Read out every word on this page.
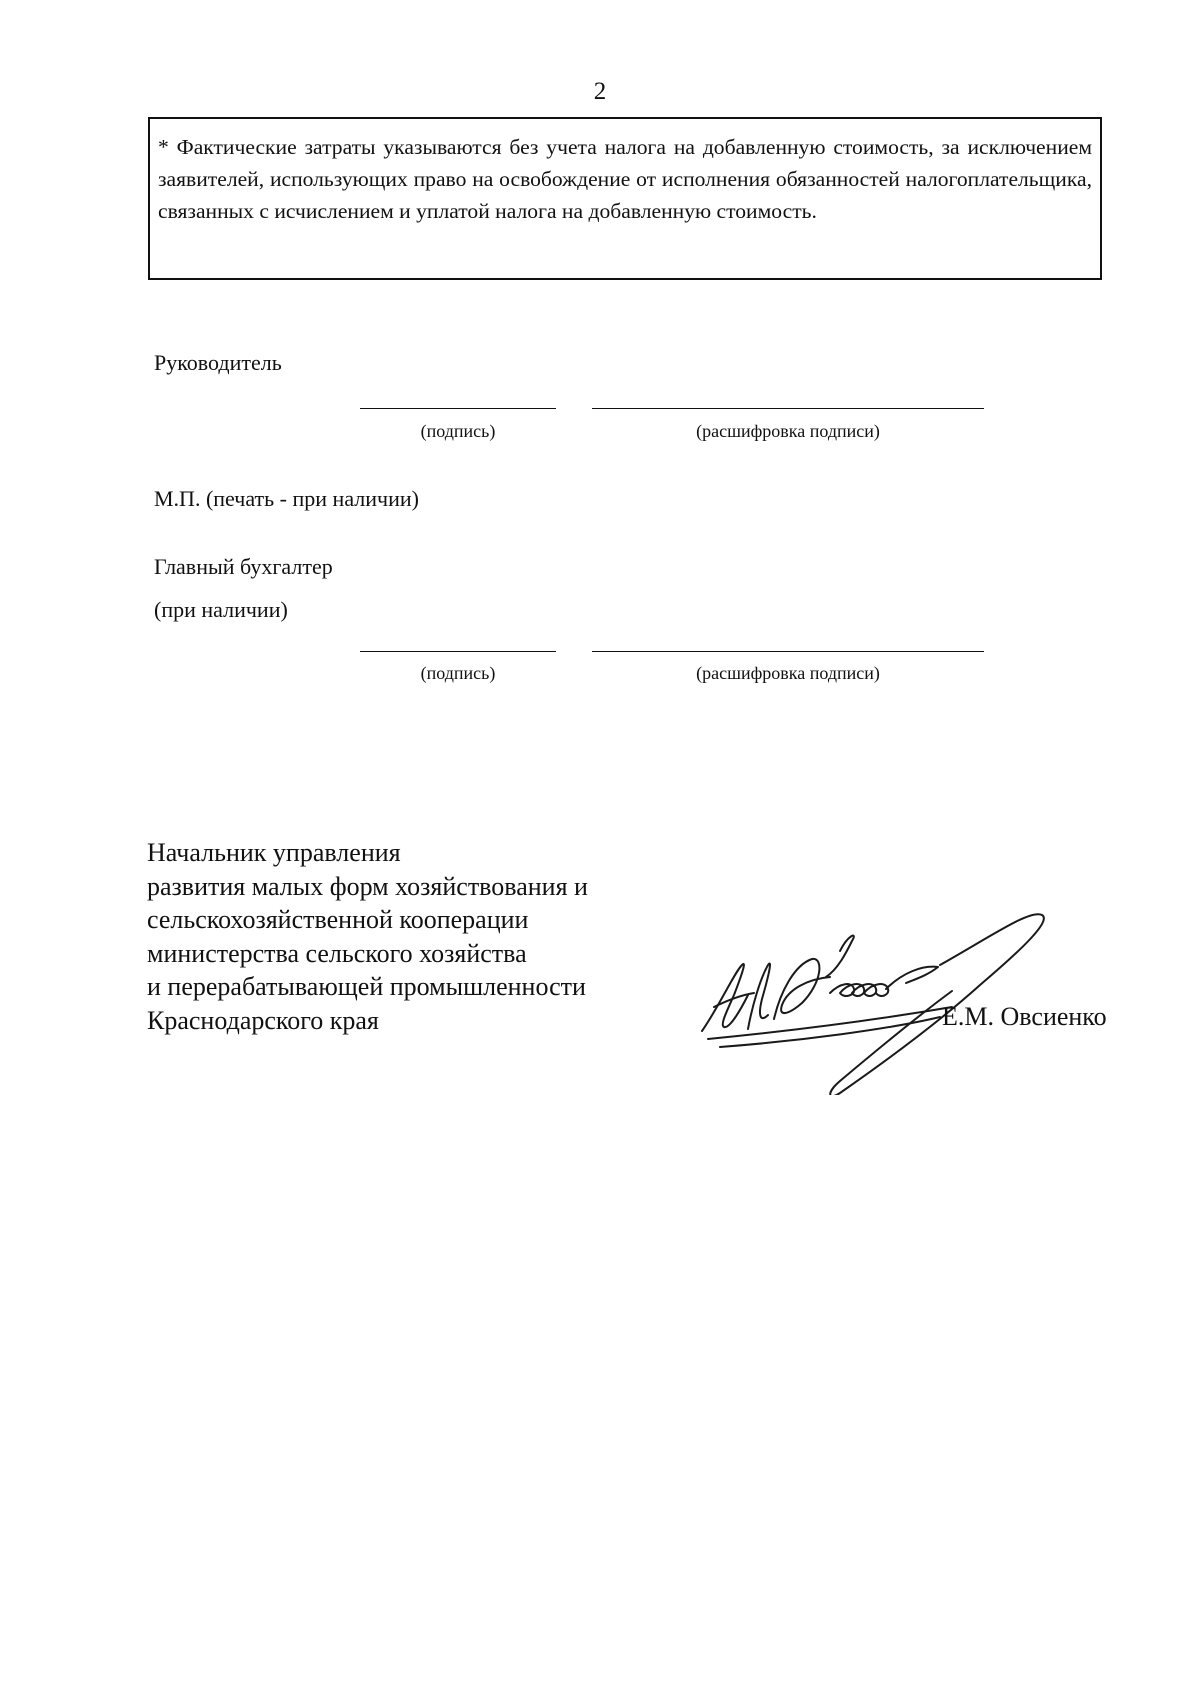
2

* Фактические затраты указываются без учета налога на добавленную стоимость, за исключением заявителей, использующих право на освобождение от исполнения обязанностей налогоплательщика, связанных с исчислением и уплатой налога на добавленную стоимость.

Руководитель
(подпись)	(расшифровка подписи)
М.П. (печать - при наличии)
Главный бухгалтер
(при наличии)
(подпись)	(расшифровка подписи)
Начальник управления
развития малых форм хозяйствования и
сельскохозяйственной кооперации
министерства сельского хозяйства
и перерабатывающей промышленности
Краснодарского края	Е.М. Овсиенко
